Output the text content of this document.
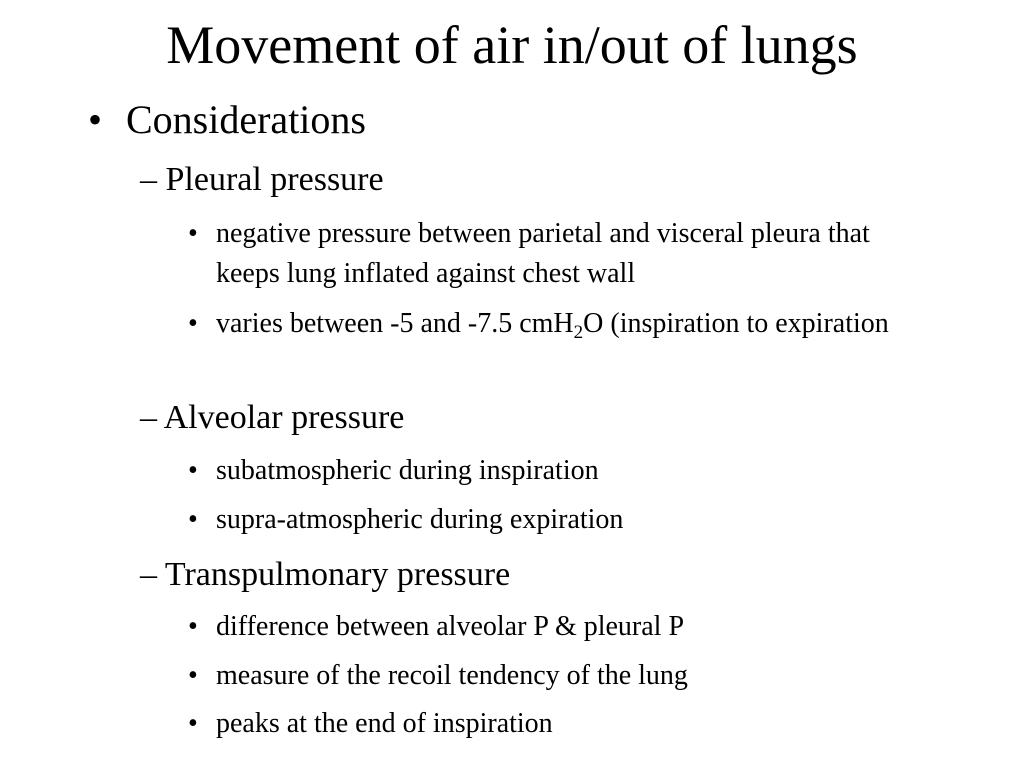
Movement of air in/out of lungs
• Considerations
– Pleural pressure
• negative pressure between parietal and visceral pleura that keeps lung inflated against chest wall
• varies between -5 and -7.5 cmH$_2$O (inspiration to expiration
– Alveolar pressure
• subatmospheric during inspiration
• supra-atmospheric during expiration
– Transpulmonary pressure
• difference between alveolar P & pleural P
• measure of the recoil tendency of the lung
• peaks at the end of inspiration
